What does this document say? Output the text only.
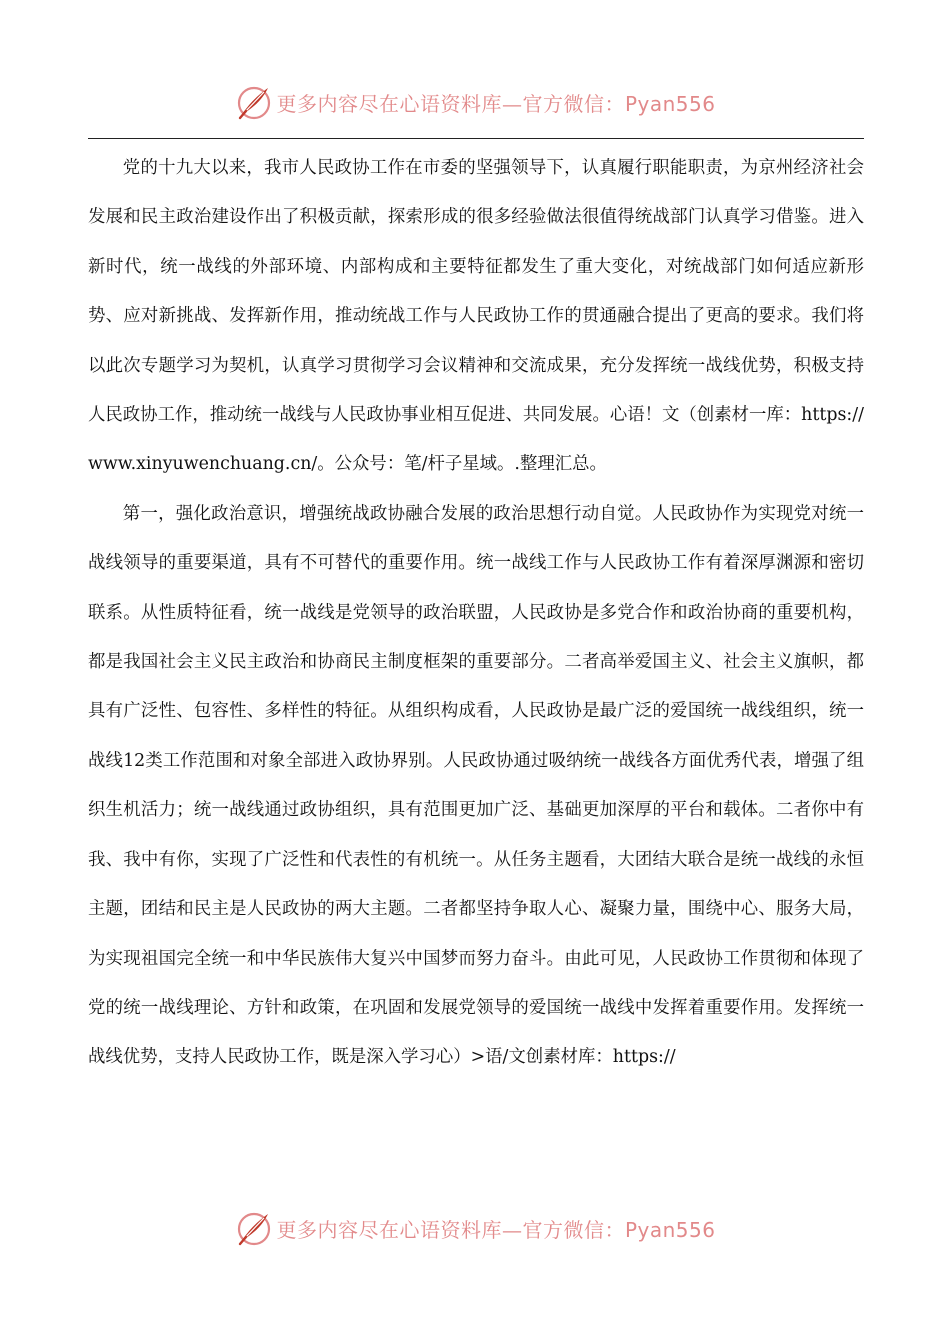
更多内容尽在心语资料库—官方微信：Pyan556

党的十九大以来，我市人民政协工作在市委的坚强领导下，认真履行职能职责，为京州经济社会发展和民主政治建设作出了积极贡献，探索形成的很多经验做法很值得统战部门认真学习借鉴。进入新时代，统一战线的外部环境、内部构成和主要特征都发生了重大变化，对统战部门如何适应新形势、应对新挑战、发挥新作用，推动统战工作与人民政协工作的贯通融合提出了更高的要求。我们将以此次专题学习为契机，认真学习贯彻学习会议精神和交流成果，充分发挥统一战线优势，积极支持人民政协工作，推动统一战线与人民政协事业相互促进、共同发展。心语！文（创素材一库：https://www.xinyuwenchuang.cn/。公众号：笔/杆子星域。.整理汇总。

第一，强化政治意识，增强统战政协融合发展的政治思想行动自觉。人民政协作为实现党对统一战线领导的重要渠道，具有不可替代的重要作用。统一战线工作与人民政协工作有着深厚渊源和密切联系。从性质特征看，统一战线是党领导的政治联盟，人民政协是多党合作和政治协商的重要机构，都是我国社会主义民主政治和协商民主制度框架的重要部分。二者高举爱国主义、社会主义旗帜，都具有广泛性、包容性、多样性的特征。从组织构成看，人民政协是最广泛的爱国统一战线组织，统一战线12类工作范围和对象全部进入政协界别。人民政协通过吸纳统一战线各方面优秀代表，增强了组织生机活力；统一战线通过政协组织，具有范围更加广泛、基础更加深厚的平台和载体。二者你中有我、我中有你，实现了广泛性和代表性的有机统一。从任务主题看，大团结大联合是统一战线的永恒主题，团结和民主是人民政协的两大主题。二者都坚持争取人心、凝聚力量，围绕中心、服务大局，为实现祖国完全统一和中华民族伟大复兴中国梦而努力奋斗。由此可见，人民政协工作贯彻和体现了党的统一战线理论、方针和政策，在巩固和发展党领导的爱国统一战线中发挥着重要作用。发挥统一战线优势，支持人民政协工作，既是深入学习心）>语/文创素材库：https://

更多内容尽在心语资料库—官方微信：Pyan556
